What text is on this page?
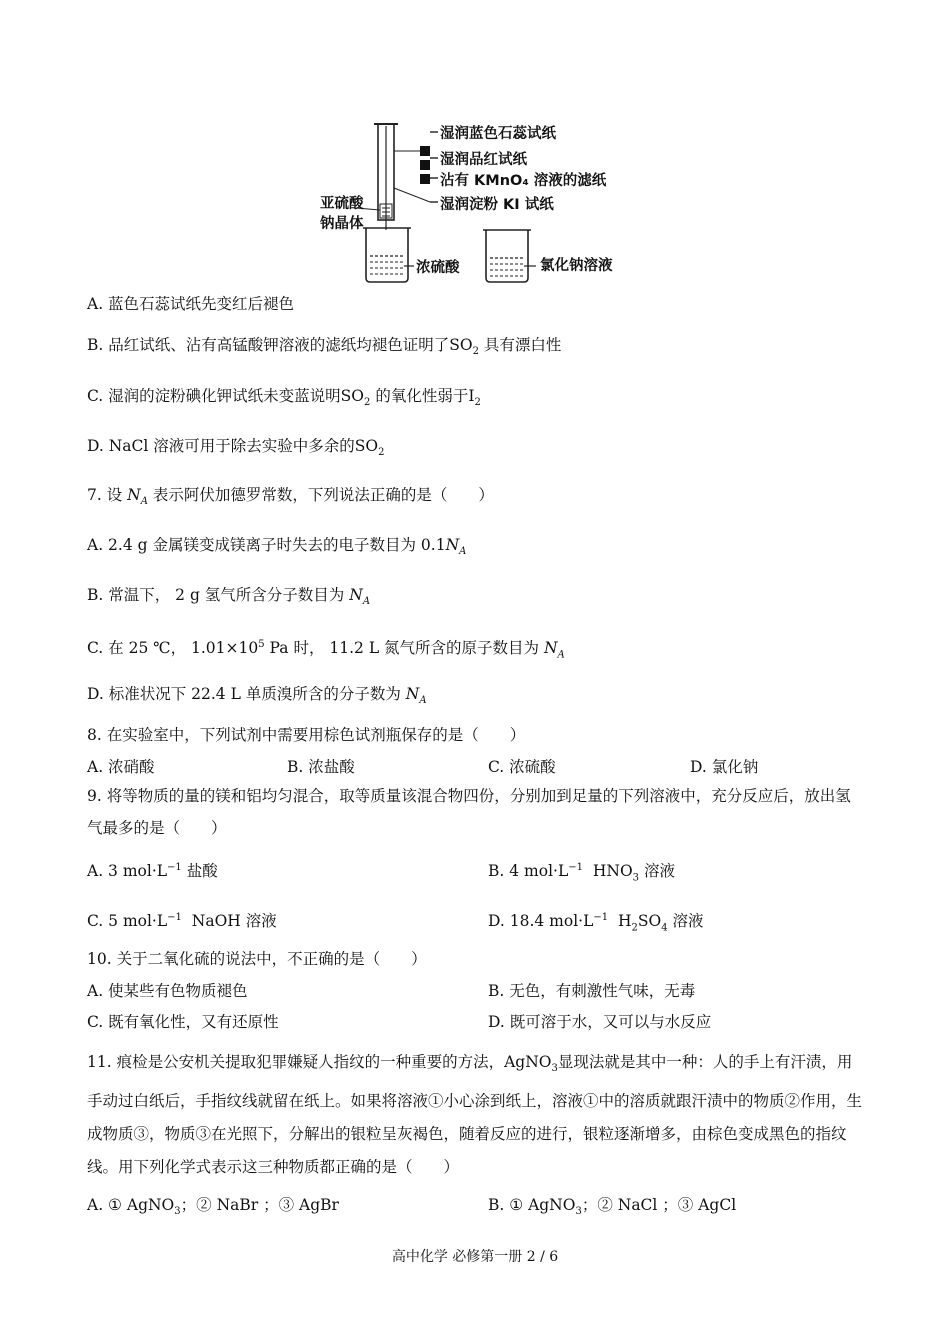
湿润蓝色石蕊试纸
湿润品红试纸
沾有 KMnO₄ 溶液的滤纸
湿润淀粉 KI 试纸
亚硫酸
钠晶体
浓硫酸	氯化钠溶液
A. 蓝色石蕊试纸先变红后褪色
B. 品红试纸、沾有高锰酸钾溶液的滤纸均褪色证明了$SO_2$ 具有漂白性
C. 湿润的淀粉碘化钾试纸未变蓝说明$SO_2$ 的氧化性弱于$I_2$
D. NaCl 溶液可用于除去实验中多余的$SO_2$
7. 设 $N_A$ 表示阿伏加德罗常数，下列说法正确的是（　　）
A. 2.4 g 金属镁变成镁离子时失去的电子数目为 $0.1N_A$
B. 常温下， 2 g 氢气所含分子数目为 $N_A$
C. 在 25 ℃， $1.01\times 10^5$ Pa 时， 11.2 L 氮气所含的原子数目为 $N_A$
D. 标准状况下 22.4 L 单质溴所含的分子数为 $N_A$
8. 在实验室中，下列试剂中需要用棕色试剂瓶保存的是（　　）
A. 浓硝酸	B. 浓盐酸	C. 浓硫酸	D. 氯化钠
9. 将等物质的量的镁和铝均匀混合，取等质量该混合物四份，分别加到足量的下列溶液中，充分反应后，放出氢气最多的是（　　）
A. 3 $mol\cdot L^{-1}$ 盐酸	B. 4 $mol\cdot L^{-1}$ $HNO_3$ 溶液
C. 5 $mol\cdot L^{-1}$ NaOH 溶液	D. 18.4 $mol\cdot L^{-1}$ $H_2SO_4$ 溶液
10. 关于二氧化硫的说法中，不正确的是（　　）
A. 使某些有色物质褪色	B. 无色，有刺激性气味，无毒
C. 既有氧化性，又有还原性	D. 既可溶于水，又可以与水反应
11. 痕检是公安机关提取犯罪嫌疑人指纹的一种重要的方法，AgNO$_3$显现法就是其中一种：人的手上有汗渍，用手动过白纸后，手指纹线就留在纸上。如果将溶液①小心涂到纸上，溶液①中的溶质就跟汗渍中的物质②作用，生成物质③，物质③在光照下，分解出的银粒呈灰褐色，随着反应的进行，银粒逐渐增多，由棕色变成黑色的指纹线。用下列化学式表示这三种物质都正确的是（　　）
A. ① AgNO$_3$；② NaBr ；③ AgBr	B. ① AgNO$_3$；② NaCl ；③ AgCl
高中化学 必修第一册 2 / 6
